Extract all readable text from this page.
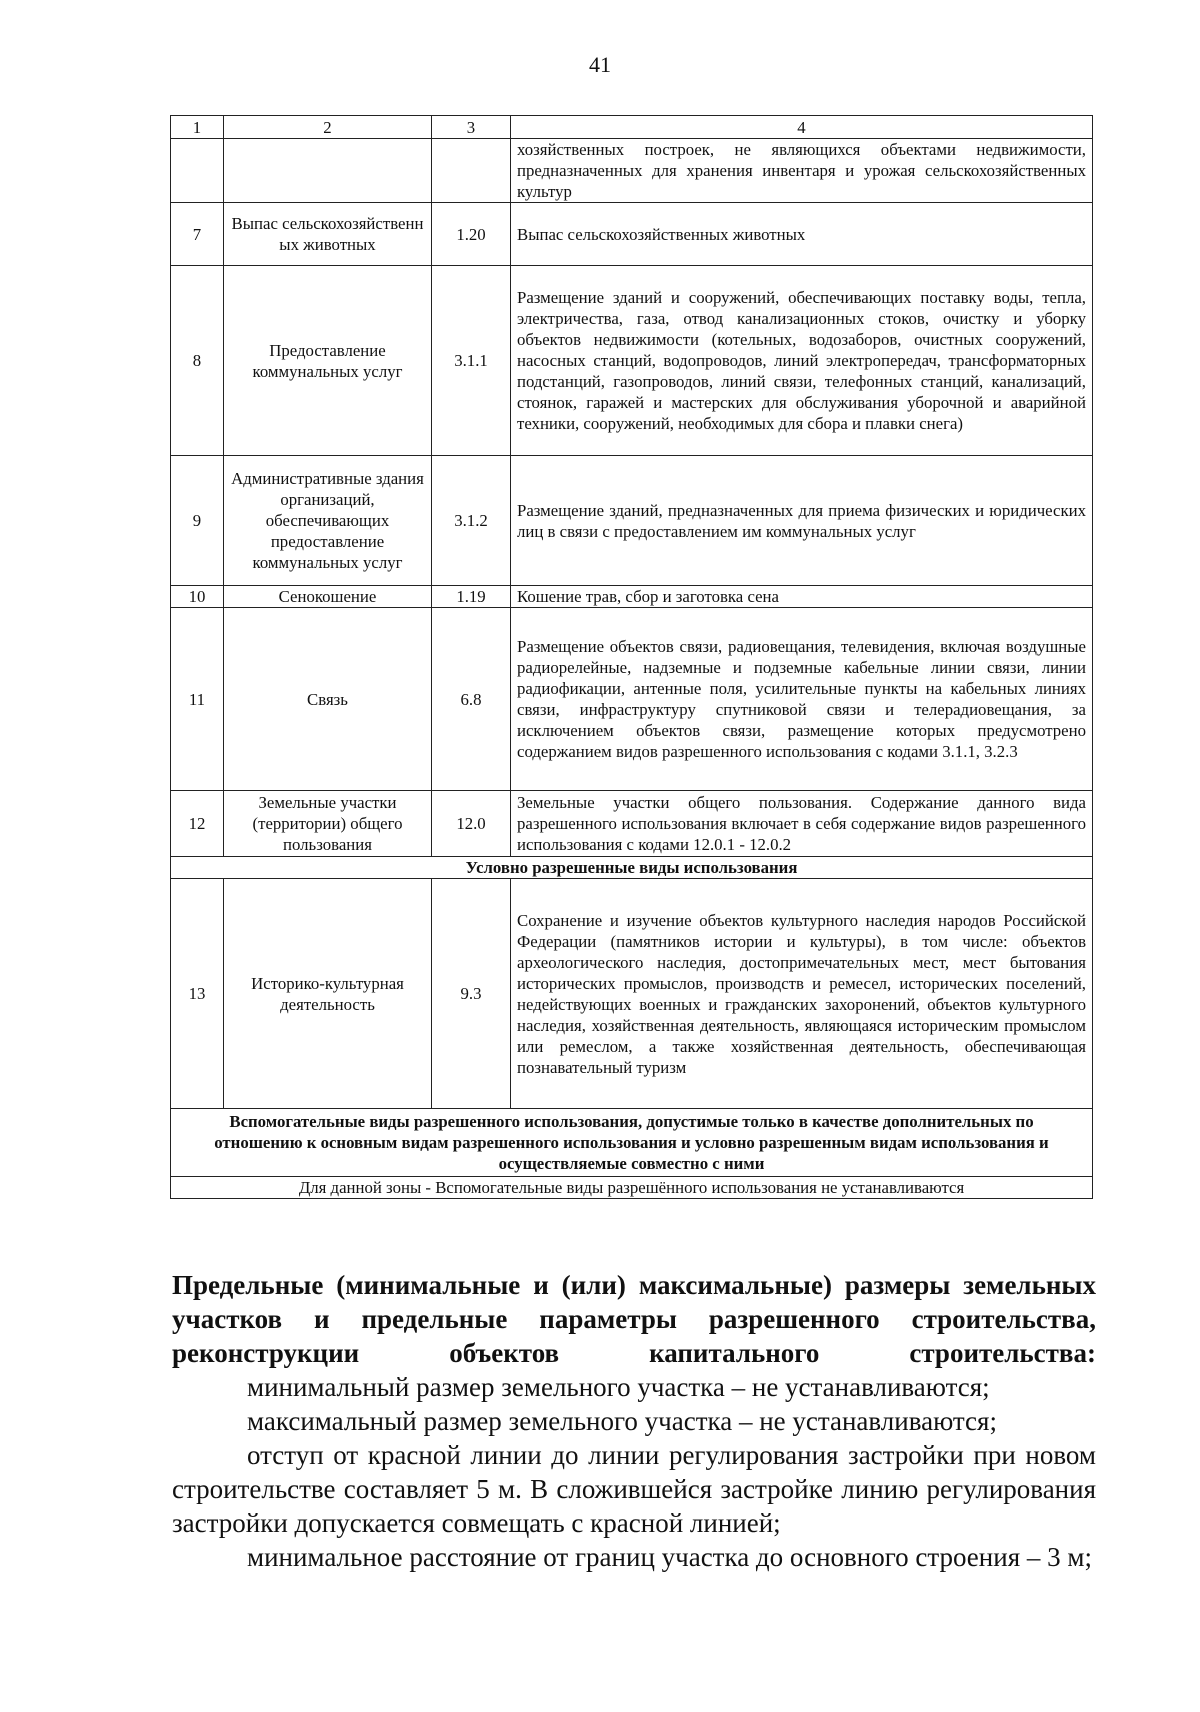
41
1	2	3	4
			хозяйственных построек, не являющихся объектами недвижимости, предназначенных для хранения инвентаря и урожая сельскохозяйственных культур
7	Выпас сельскохозяйственн ых животных	1.20	Выпас сельскохозяйственных животных
8	Предоставление коммунальных услуг	3.1.1	Размещение зданий и сооружений, обеспечивающих поставку воды, тепла, электричества, газа, отвод канализационных стоков, очистку и уборку объектов недвижимости (котельных, водозаборов, очистных сооружений, насосных станций, водопроводов, линий электропередач, трансформаторных подстанций, газопроводов, линий связи, телефонных станций, канализаций, стоянок, гаражей и мастерских для обслуживания уборочной и аварийной техники, сооружений, необходимых для сбора и плавки снега)
9	Административные здания организаций, обеспечивающих предоставление коммунальных услуг	3.1.2	Размещение зданий, предназначенных для приема физических и юридических лиц в связи с предоставлением им коммунальных услуг
10	Сенокошение	1.19	Кошение трав, сбор и заготовка сена
11	Связь	6.8	Размещение объектов связи, радиовещания, телевидения, включая воздушные радиорелейные, надземные и подземные кабельные линии связи, линии радиофикации, антенные поля, усилительные пункты на кабельных линиях связи, инфраструктуру спутниковой связи и телерадиовещания, за исключением объектов связи, размещение которых предусмотрено содержанием видов разрешенного использования с кодами 3.1.1, 3.2.3
12	Земельные участки (территории) общего пользования	12.0	Земельные участки общего пользования. Содержание данного вида разрешенного использования включает в себя содержание видов разрешенного использования с кодами 12.0.1 - 12.0.2
Условно разрешенные виды использования			
13	Историко-культурная деятельность	9.3	Сохранение и изучение объектов культурного наследия народов Российской Федерации (памятников истории и культуры), в том числе: объектов археологического наследия, достопримечательных мест, мест бытования исторических промыслов, производств и ремесел, исторических поселений, недействующих военных и гражданских захоронений, объектов культурного наследия, хозяйственная деятельность, являющаяся историческим промыслом или ремеслом, а также хозяйственная деятельность, обеспечивающая познавательный туризм
Вспомогательные виды разрешенного использования, допустимые только в качестве дополнительных по отношению к основным видам разрешенного использования и условно разрешенным видам использования и осуществляемые совместно с ними			
Для данной зоны - Вспомогательные виды разрешённого использования не устанавливаются			
Предельные (минимальные и (или) максимальные) размеры земельных участков и предельные параметры разрешенного строительства, реконструкции объектов капитального строительства:
минимальный размер земельного участка – не устанавливаются;
максимальный размер земельного участка – не устанавливаются;
отступ от красной линии до линии регулирования застройки при новом строительстве составляет 5 м. В сложившейся застройке линию регулирования застройки допускается совмещать с красной линией;
минимальное расстояние от границ участка до основного строения – 3 м;
